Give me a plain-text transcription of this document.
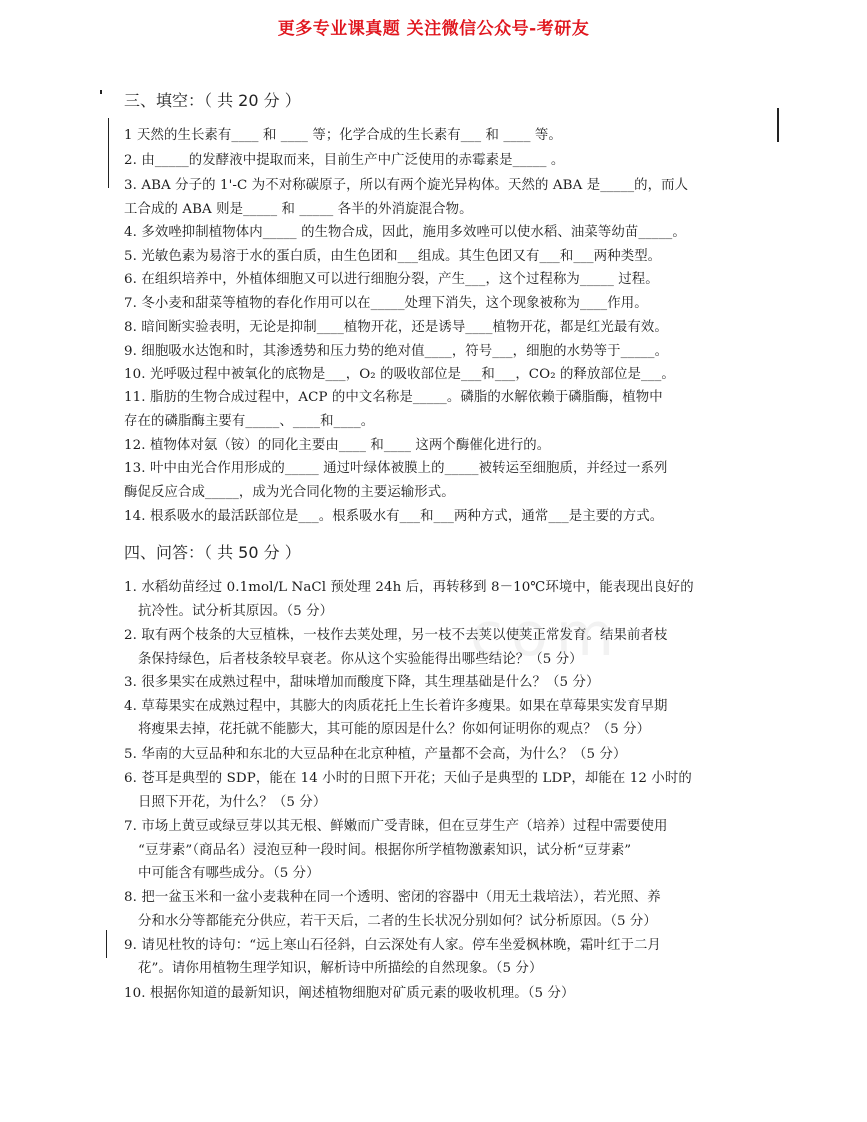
更多专业课真题 关注微信公众号-考研友
com
三、填空：（ 共 20 分 ）
1 天然的生长素有____ 和 ____ 等；化学合成的生长素有___ 和 ____ 等。
2. 由_____的发酵液中提取而来，目前生产中广泛使用的赤霉素是_____ 。
3. ABA 分子的 1'-C 为不对称碳原子，所以有两个旋光异构体。天然的 ABA 是_____的，而人
工合成的 ABA 则是_____ 和 _____ 各半的外消旋混合物。
4. 多效唑抑制植物体内_____ 的生物合成，因此，施用多效唑可以使水稻、油菜等幼苗_____。
5. 光敏色素为易溶于水的蛋白质，由生色团和___组成。其生色团又有___和___两种类型。
6. 在组织培养中，外植体细胞又可以进行细胞分裂，产生___，这个过程称为_____ 过程。
7. 冬小麦和甜菜等植物的春化作用可以在_____处理下消失，这个现象被称为____作用。
8. 暗间断实验表明，无论是抑制____植物开花，还是诱导____植物开花，都是红光最有效。
9. 细胞吸水达饱和时，其渗透势和压力势的绝对值____，符号___，细胞的水势等于_____。
10. 光呼吸过程中被氧化的底物是___，O₂ 的吸收部位是___和___，CO₂ 的释放部位是___。
11. 脂肪的生物合成过程中，ACP 的中文名称是_____。磷脂的水解依赖于磷脂酶，植物中
存在的磷脂酶主要有_____、____和____。
12. 植物体对氨（铵）的同化主要由____ 和____ 这两个酶催化进行的。
13. 叶中由光合作用形成的_____ 通过叶绿体被膜上的_____被转运至细胞质，并经过一系列
酶促反应合成_____，成为光合同化物的主要运输形式。
14. 根系吸水的最活跃部位是___。根系吸水有___和___两种方式，通常___是主要的方式。
四、问答：（ 共 50 分 ）
1. 水稻幼苗经过 0.1mol/L NaCl 预处理 24h 后，再转移到 8－10℃环境中，能表现出良好的
抗冷性。试分析其原因。（5 分）
2. 取有两个枝条的大豆植株，一枝作去荚处理，另一枝不去荚以使荚正常发育。结果前者枝
条保持绿色，后者枝条较早衰老。你从这个实验能得出哪些结论？（5 分）
3. 很多果实在成熟过程中，甜味增加而酸度下降，其生理基础是什么？（5 分）
4. 草莓果实在成熟过程中，其膨大的肉质花托上生长着许多瘦果。如果在草莓果实发育早期
将瘦果去掉，花托就不能膨大，其可能的原因是什么？你如何证明你的观点？（5 分）
5. 华南的大豆品种和东北的大豆品种在北京种植，产量都不会高，为什么？（5 分）
6. 苍耳是典型的 SDP，能在 14 小时的日照下开花；天仙子是典型的 LDP，却能在 12 小时的
日照下开花，为什么？（5 分）
7. 市场上黄豆或绿豆芽以其无根、鲜嫩而广受青睐，但在豆芽生产（培养）过程中需要使用
“豆芽素”（商品名）浸泡豆种一段时间。根据你所学植物激素知识，试分析“豆芽素”
中可能含有哪些成分。（5 分）
8. 把一盆玉米和一盆小麦栽种在同一个透明、密闭的容器中（用无土栽培法），若光照、养
分和水分等都能充分供应，若干天后，二者的生长状况分别如何？试分析原因。（5 分）
9. 请见杜牧的诗句：“远上寒山石径斜，白云深处有人家。停车坐爱枫林晚，霜叶红于二月
花”。请你用植物生理学知识，解析诗中所描绘的自然现象。（5 分）
10. 根据你知道的最新知识，阐述植物细胞对矿质元素的吸收机理。（5 分）
